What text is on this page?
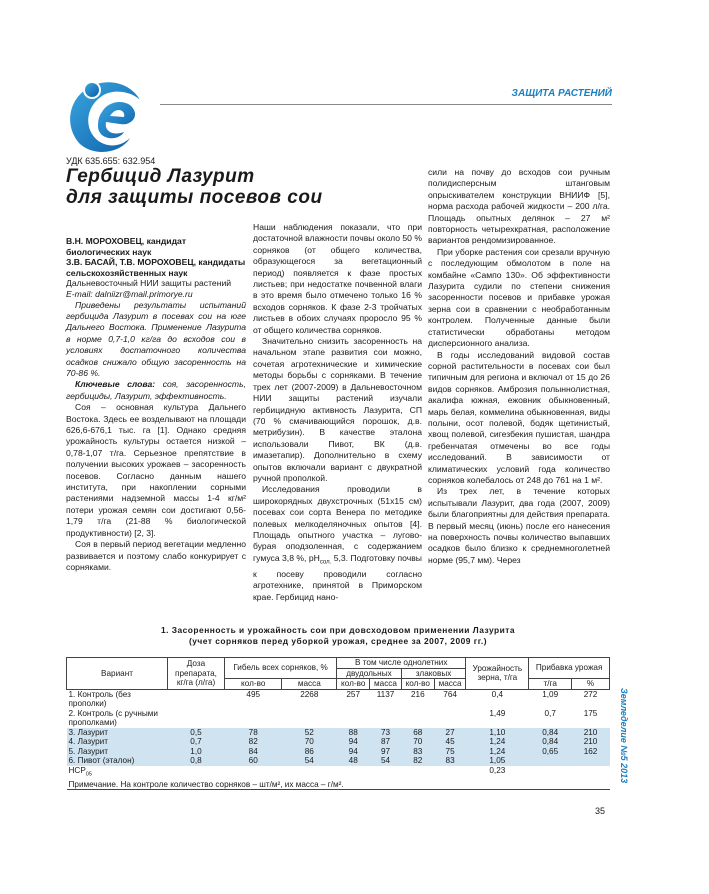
ЗАЩИТА РАСТЕНИЙ
УДК 635.655: 632.954
Гербицид Лазурит
для защиты посевов сои
В.Н. МОРОХОВЕЦ, кандидат биологических наук
З.В. БАСАЙ, Т.В. МОРОХОВЕЦ, кандидаты сельскохозяйственных наук
Дальневосточный НИИ защиты растений
E-mail: dalniizr@mail.primorye.ru

Приведены результаты испытаний гербицида Лазурит в посевах сои на юге Дальнего Востока. Применение Лазурита в норме 0,7-1,0 кг/га до всходов сои в условиях достаточного количества осадков снижало общую засоренность на 70-86 %.

Ключевые слова: соя, засоренность, гербициды, Лазурит, эффективность.

Соя – основная культура Дальнего Востока. Здесь ее возделывают на площади 626,6-676,1 тыс. га [1]. Однако средняя урожайность культуры остается низкой – 0,78-1,07 т/га. Серьезное препятствие в получении высоких урожаев – засоренность посевов. Согласно данным нашего института, при накоплении сорными растениями надземной массы 1-4 кг/м² потери урожая семян сои достигают 0,56-1,79 т/га (21-88 % биологической продуктивности) [2, 3].

Соя в первый период вегетации медленно развивается и поэтому слабо конкурирует с сорняками.

Наши наблюдения показали, что при достаточной влажности почвы около 50 % сорняков (от общего количества, образующегося за вегетационный период) появляется к фазе простых листьев; при недостатке почвенной влаги в это время было отмечено только 16 % всходов сорняков. К фазе 2-3 тройчатых листьев в обоих случаях проросло 95 % от общего количества сорняков.

Значительно снизить засоренность на начальном этапе развития сои можно, сочетая агротехнические и химические методы борьбы с сорняками. В течение трех лет (2007-2009) в Дальневосточном НИИ защиты растений изучали гербицидную активность Лазурита, СП (70 % смачивающийся порошок, д.в. метрибузин). В качестве эталона использовали Пивот, ВК (д.в. имазетапир). Дополнительно в схему опытов включали вариант с двукратной ручной прополкой.

Исследования проводили в широкорядных двухстрочных (51х15 см) посевах сои сорта Венера по методике полевых мелкоделяночных опытов [4]. Площадь опытного участка – лугово-бурая оподзоленная, с содержанием гумуса 3,8 %, $pH_{сол.}$ 5,3. Подготовку почвы к посеву проводили согласно агротехнике, принятой в Приморском крае. Гербицид нано-

сили на почву до всходов сои ручным полидисперсным штанговым опрыскивателем конструкции ВНИИФ [5], норма расхода рабочей жидкости – 200 л/га. Площадь опытных делянок – 27 м² повторность четырехкратная, расположение вариантов рендомизированное.

При уборке растения сои срезали вручную с последующим обмолотом в поле на комбайне «Сампо 130». Об эффективности Лазурита судили по степени снижения засоренности посевов и прибавке урожая зерна сои в сравнении с необработанным контролем. Полученные данные были статистически обработаны методом дисперсионного анализа.

В годы исследований видовой состав сорной растительности в посевах сои был типичным для региона и включал от 15 до 26 видов сорняков. Амброзия полыннолистная, акалифа южная, ежовник обыкновенный, марь белая, коммелина обыкновенная, виды полыни, осот полевой, бодяк щетинистый, хвощ полевой, сигезбекия пушистая, шандра гребенчатая отмечены во все годы исследований. В зависимости от климатических условий года количество сорняков колебалось от 248 до 761 на 1 м².

Из трех лет, в течение которых испытывали Лазурит, два года (2007, 2009) были благоприятны для действия препарата. В первый месяц (июнь) после его нанесения на поверхность почвы количество выпавших осадков было близко к среднемноголетней норме (95,7 мм). Через

1. Засоренность и урожайность сои при довсходовом применении Лазурита
(учет сорняков перед уборкой урожая, среднее за 2007, 2009 гг.)
Вариант	Доза препарата, кг/га (л/га)	Гибель всех сорняков, %		В том числе однолетних				Урожайность зерна, т/га	Прибавка урожая	
				двудольных		злаковых				
		кол-во	масса	кол-во	масса	кол-во	масса		т/га	%
1. Контроль (без прополки)		495	2268	257	1137	216	764	0,4	1,09	272
2. Контроль (с ручными прополками)								1,49	0,7	175
3. Лазурит	0,5	78	52	88	73	68	27	1,10	0,84	210
4. Лазурит	0,7	82	70	94	87	70	45	1,24	0,84	210
5. Лазурит	1,0	84	86	94	97	83	75	1,24	0,65	162
6. Пивот (эталон)	0,8	60	54	48	54	82	83	1,05		
$НСР_{05}$								0,23		
Примечание. На контроле количество сорняков – шт/м², их масса – г/м².										
Земледелие №5 2013
35
